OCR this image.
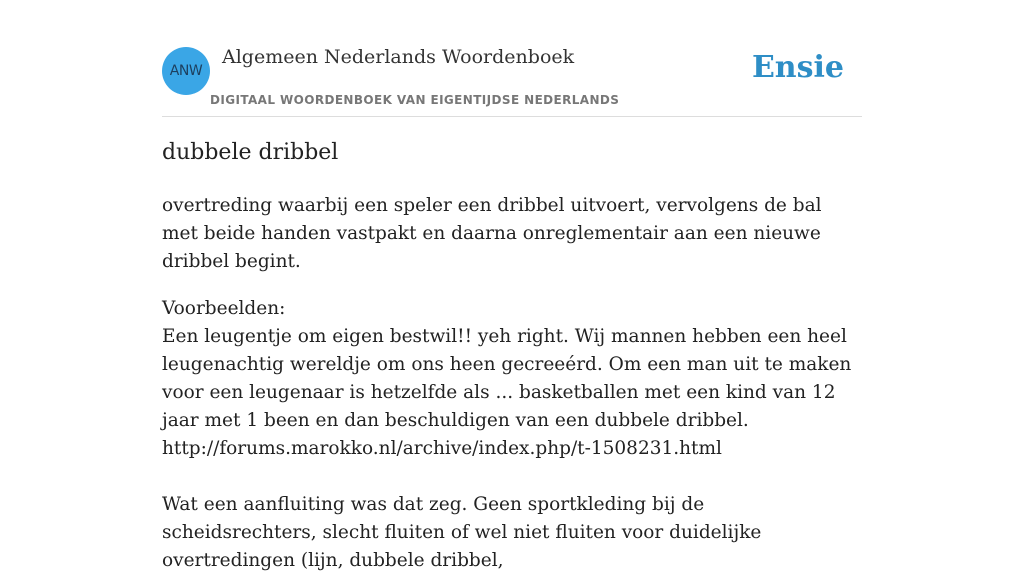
ANW
Algemeen Nederlands Woordenboek
DIGITAAL WOORDENBOEK VAN EIGENTIJDSE NEDERLANDS
Ensie
dubbele dribbel

overtreding waarbij een speler een dribbel uitvoert, vervolgens de bal met beide handen vastpakt en daarna onreglementair aan een nieuwe dribbel begint.

Voorbeelden:
Een leugentje om eigen bestwil!! yeh right. Wij mannen hebben een heel leugenachtig wereldje om ons heen gecreeérd. Om een man uit te maken voor een leugenaar is hetzelfde als ... basketballen met een kind van 12 jaar met 1 been en dan beschuldigen van een dubbele dribbel.
http://forums.marokko.nl/archive/index.php/t-1508231.html
Wat een aanfluiting was dat zeg. Geen sportkleding bij de scheidsrechters, slecht fluiten of wel niet fluiten voor duidelijke overtredingen (lijn, dubbele dribbel,
